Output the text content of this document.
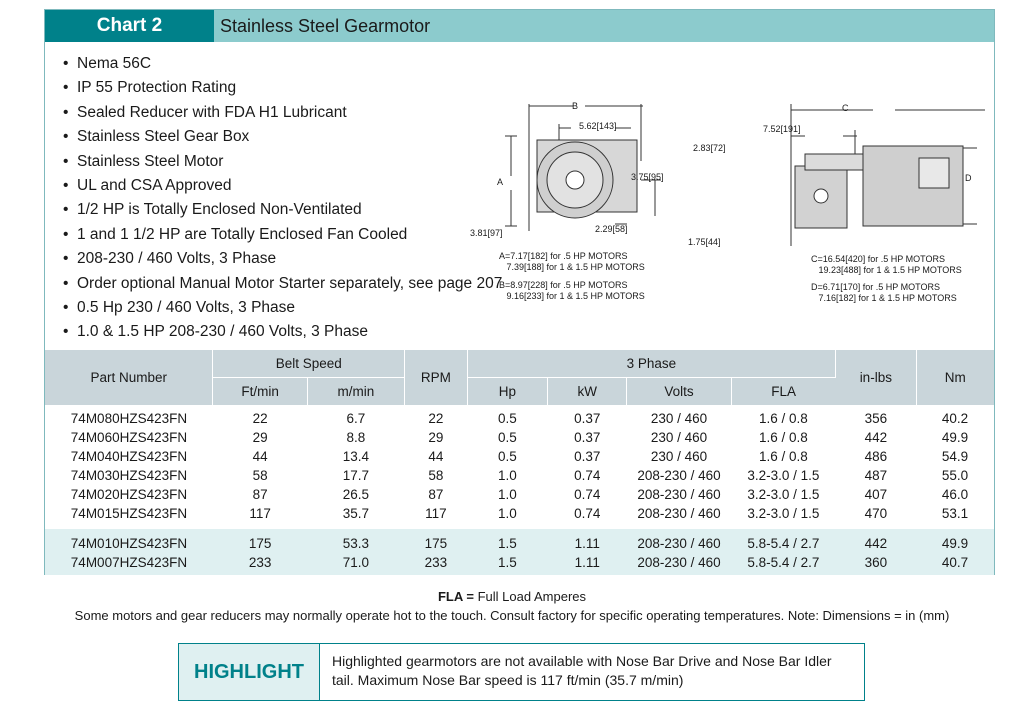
Chart 2	Stainless Steel Gearmotor
• Nema 56C
• IP 55 Protection Rating
• Sealed Reducer with FDA H1 Lubricant
• Stainless Steel Gear Box
• Stainless Steel Motor
• UL and CSA Approved
• 1/2 HP is Totally Enclosed Non-Ventilated
• 1 and 1 1/2 HP are Totally Enclosed Fan Cooled
• 208-230 / 460 Volts, 3 Phase
• Order optional Manual Motor Starter separately, see page 207
• 0.5 Hp 230 / 460 Volts, 3 Phase
• 1.0 & 1.5 HP 208-230 / 460 Volts, 3 Phase
B
5.62[143]
A	3.75[95]
2.29[58]
3.81[97]
A=7.17[182] for .5 HP MOTORS
7.39[188] for 1 & 1.5 HP MOTORS
B=8.97[228] for .5 HP MOTORS
9.16[233] for 1 & 1.5 HP MOTORS
C
7.52[191]
2.83[72]
D
1.75[44]
C=16.54[420] for .5 HP MOTORS
19.23[488] for 1 & 1.5 HP MOTORS
D=6.71[170] for .5 HP MOTORS
7.16[182] for 1 & 1.5 HP MOTORS
Part Number	Belt Speed		RPM	3 Phase				in-lbs	Nm
	Ft/min	m/min		Hp	kW	Volts	FLA		
74M080HZS423FN	22	6.7	22	0.5	0.37	230 / 460	1.6 / 0.8	356	40.2
74M060HZS423FN	29	8.8	29	0.5	0.37	230 / 460	1.6 / 0.8	442	49.9
74M040HZS423FN	44	13.4	44	0.5	0.37	230 / 460	1.6 / 0.8	486	54.9
74M030HZS423FN	58	17.7	58	1.0	0.74	208-230 / 460	3.2-3.0 / 1.5	487	55.0
74M020HZS423FN	87	26.5	87	1.0	0.74	208-230 / 460	3.2-3.0 / 1.5	407	46.0
74M015HZS423FN	117	35.7	117	1.0	0.74	208-230 / 460	3.2-3.0 / 1.5	470	53.1
74M010HZS423FN	175	53.3	175	1.5	1.11	208-230 / 460	5.8-5.4 / 2.7	442	49.9
74M007HZS423FN	233	71.0	233	1.5	1.11	208-230 / 460	5.8-5.4 / 2.7	360	40.7
FLA = Full Load Amperes
Some motors and gear reducers may normally operate hot to the touch. Consult factory for specific operating temperatures. Note: Dimensions = in (mm)
HIGHLIGHT	Highlighted gearmotors are not available with Nose Bar Drive and Nose Bar Idler
tail. Maximum Nose Bar speed is 117 ft/min (35.7 m/min)
